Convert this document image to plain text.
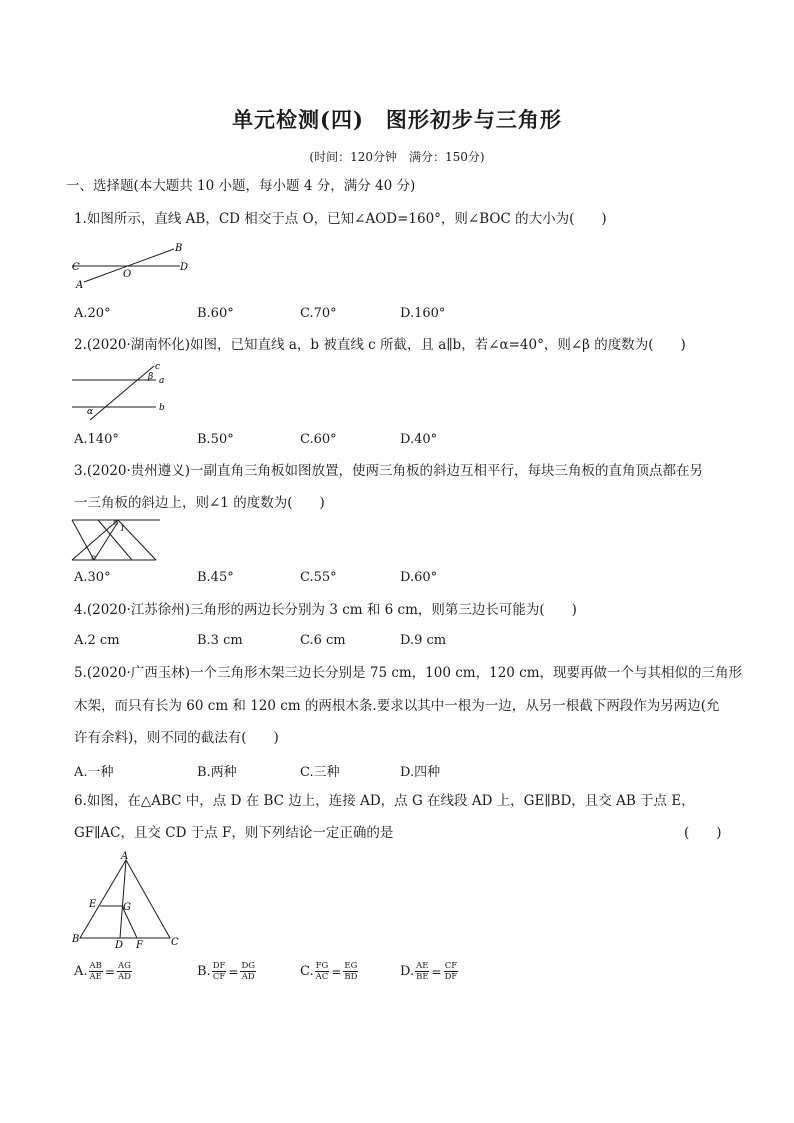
单元检测(四)　图形初步与三角形
(时间：120分钟　满分：150分)
一、选择题(本大题共 10 小题，每小题 4 分，满分 40 分)
1.如图所示，直线 AB，CD 相交于点 O，已知∠AOD=160°，则∠BOC 的大小为(　　)
C	D
B
A
O
A.20°	B.60°	C.70°	D.160°
2.(2020·湖南怀化)如图，已知直线 a，b 被直线 c 所截，且 a∥b，若∠α=40°，则∠β 的度数为(　　)
c
a
b
β
α
A.140°	B.50°	C.60°	D.40°
3.(2020·贵州遵义)一副直角三角板如图放置，使两三角板的斜边互相平行，每块三角板的直角顶点都在另
一三角板的斜边上，则∠1 的度数为(　　)
1
A.30°	B.45°	C.55°	D.60°
4.(2020·江苏徐州)三角形的两边长分别为 3 cm 和 6 cm，则第三边长可能为(　　)
A.2 cm	B.3 cm	C.6 cm	D.9 cm
5.(2020·广西玉林)一个三角形木架三边长分别是 75 cm，100 cm，120 cm，现要再做一个与其相似的三角形
木架，而只有长为 60 cm 和 120 cm 的两根木条.要求以其中一根为一边，从另一根截下两段作为另两边(允
许有余料)，则不同的截法有(　　)
A.一种	B.两种	C.三种	D.四种
6.如图，在△ABC 中，点 D 在 BC 边上，连接 AD，点 G 在线段 AD 上，GE∥BD，且交 AB 于点 E，
GF∥AC，且交 CD 于点 F，则下列结论一定正确的是	(　　)
A
B	C
D
E
F
G
A. $\frac{AB}{AE} = \frac{AG}{AD}$	B. $\frac{DF}{CF} = \frac{DG}{AD}$	C. $\frac{FG}{AC} = \frac{EG}{BD}$	D. $\frac{AE}{BE} = \frac{CF}{DF}$
